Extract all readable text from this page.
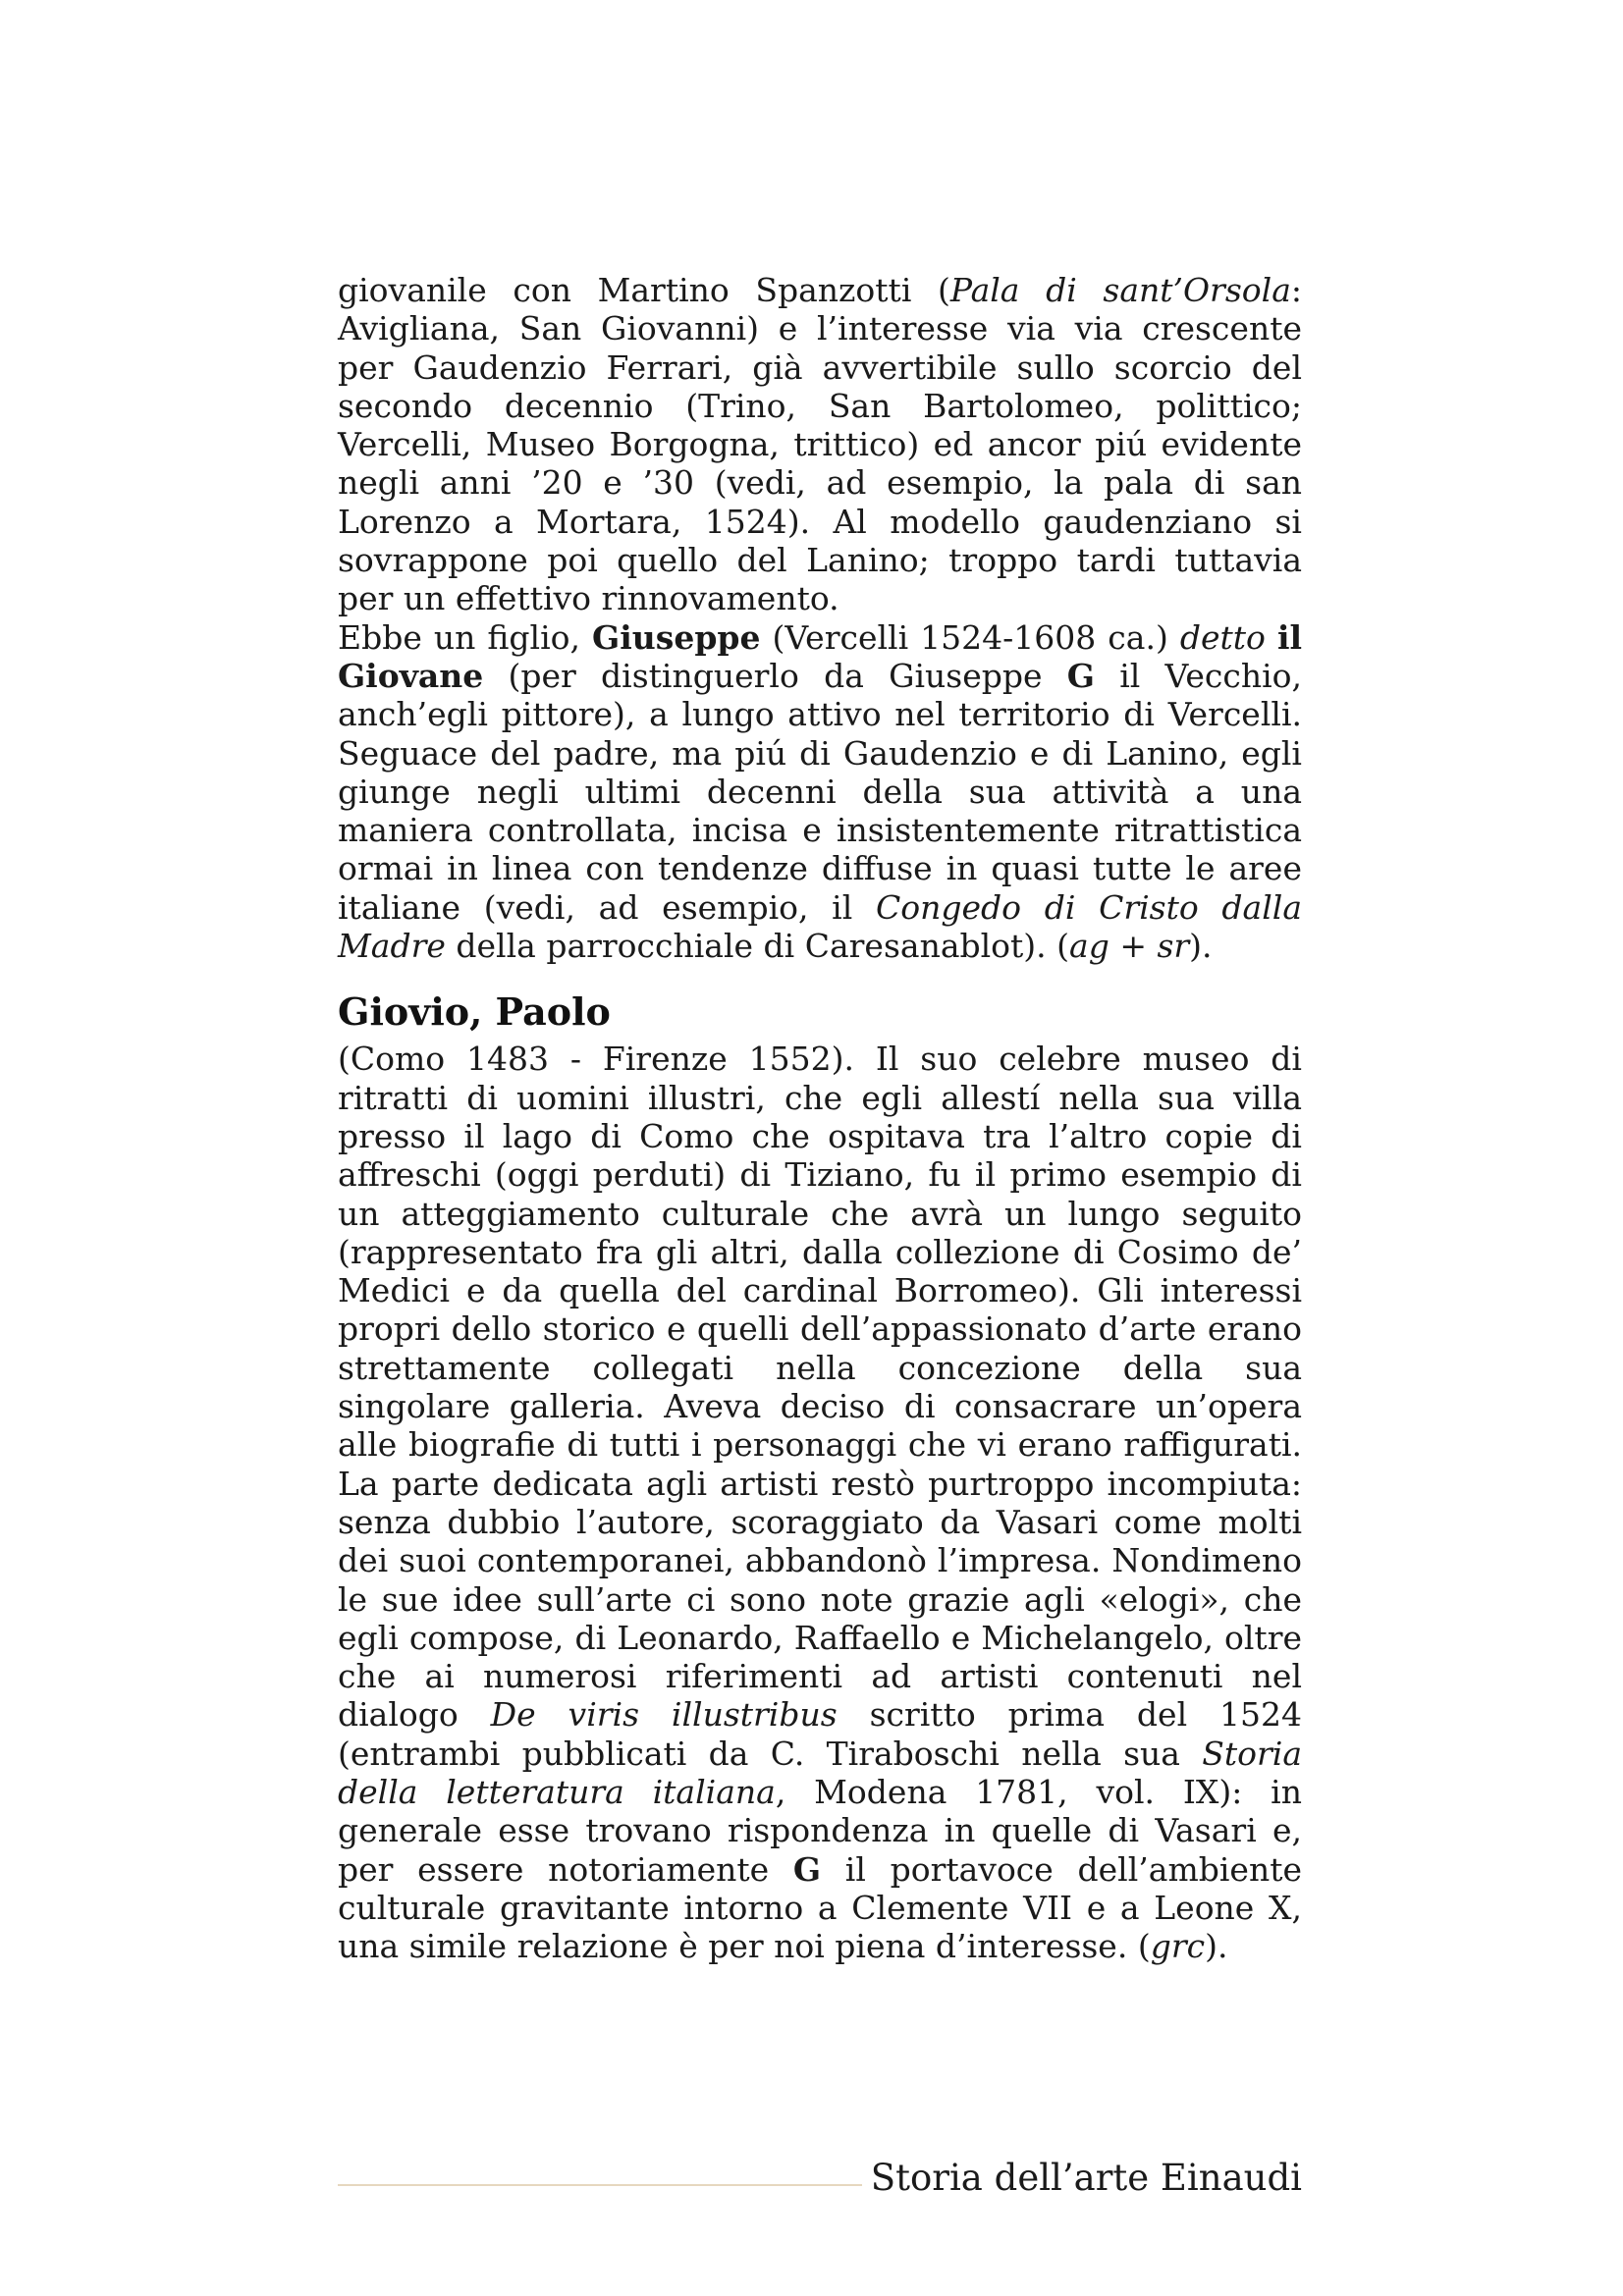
giovanile con Martino Spanzotti (Pala di sant’Orsola: Avigliana, San Giovanni) e l’interesse via via crescente per Gaudenzio Ferrari, già avvertibile sullo scorcio del secondo decennio (Trino, San Bartolomeo, polittico; Vercelli, Museo Borgogna, trittico) ed ancor piú evidente negli anni ’20 e ’30 (vedi, ad esempio, la pala di san Lorenzo a Mortara, 1524). Al modello gaudenziano si sovrappone poi quello del Lanino; troppo tardi tuttavia per un effettivo rinnovamento.

Ebbe un figlio, Giuseppe (Vercelli 1524-1608 ca.) detto il Giovane (per distinguerlo da Giuseppe G il Vecchio, anch’egli pittore), a lungo attivo nel territorio di Vercelli. Seguace del padre, ma piú di Gaudenzio e di Lanino, egli giunge negli ultimi decenni della sua attività a una maniera controllata, incisa e insistentemente ritrattistica ormai in linea con tendenze diffuse in quasi tutte le aree italiane (vedi, ad esempio, il Congedo di Cristo dalla Madre della parrocchiale di Caresanablot). (ag + sr).

Giovio, Paolo

(Como 1483 - Firenze 1552). Il suo celebre museo di ritratti di uomini illustri, che egli allestí nella sua villa presso il lago di Como che ospitava tra l’altro copie di affreschi (oggi perduti) di Tiziano, fu il primo esempio di un atteggiamento culturale che avrà un lungo seguito (rappresentato fra gli altri, dalla collezione di Cosimo de’ Medici e da quella del cardinal Borromeo). Gli interessi propri dello storico e quelli dell’appassionato d’arte erano strettamente collegati nella concezione della sua singolare galleria. Aveva deciso di consacrare un’opera alle biografie di tutti i personaggi che vi erano raffigurati. La parte dedicata agli artisti restò purtroppo incompiuta: senza dubbio l’autore, scoraggiato da Vasari come molti dei suoi contemporanei, abbandonò l’impresa. Nondimeno le sue idee sull’arte ci sono note grazie agli «elogi», che egli compose, di Leonardo, Raffaello e Michelangelo, oltre che ai numerosi riferimenti ad artisti contenuti nel dialogo De viris illustribus scritto prima del 1524 (entrambi pubblicati da C. Tiraboschi nella sua Storia della letteratura italiana, Modena 1781, vol. IX): in generale esse trovano rispondenza in quelle di Vasari e, per essere notoriamente G il portavoce dell’ambiente culturale gravitante intorno a Clemente VII e a Leone X, una simile relazione è per noi piena d’interesse. (grc).

Storia dell’arte Einaudi
